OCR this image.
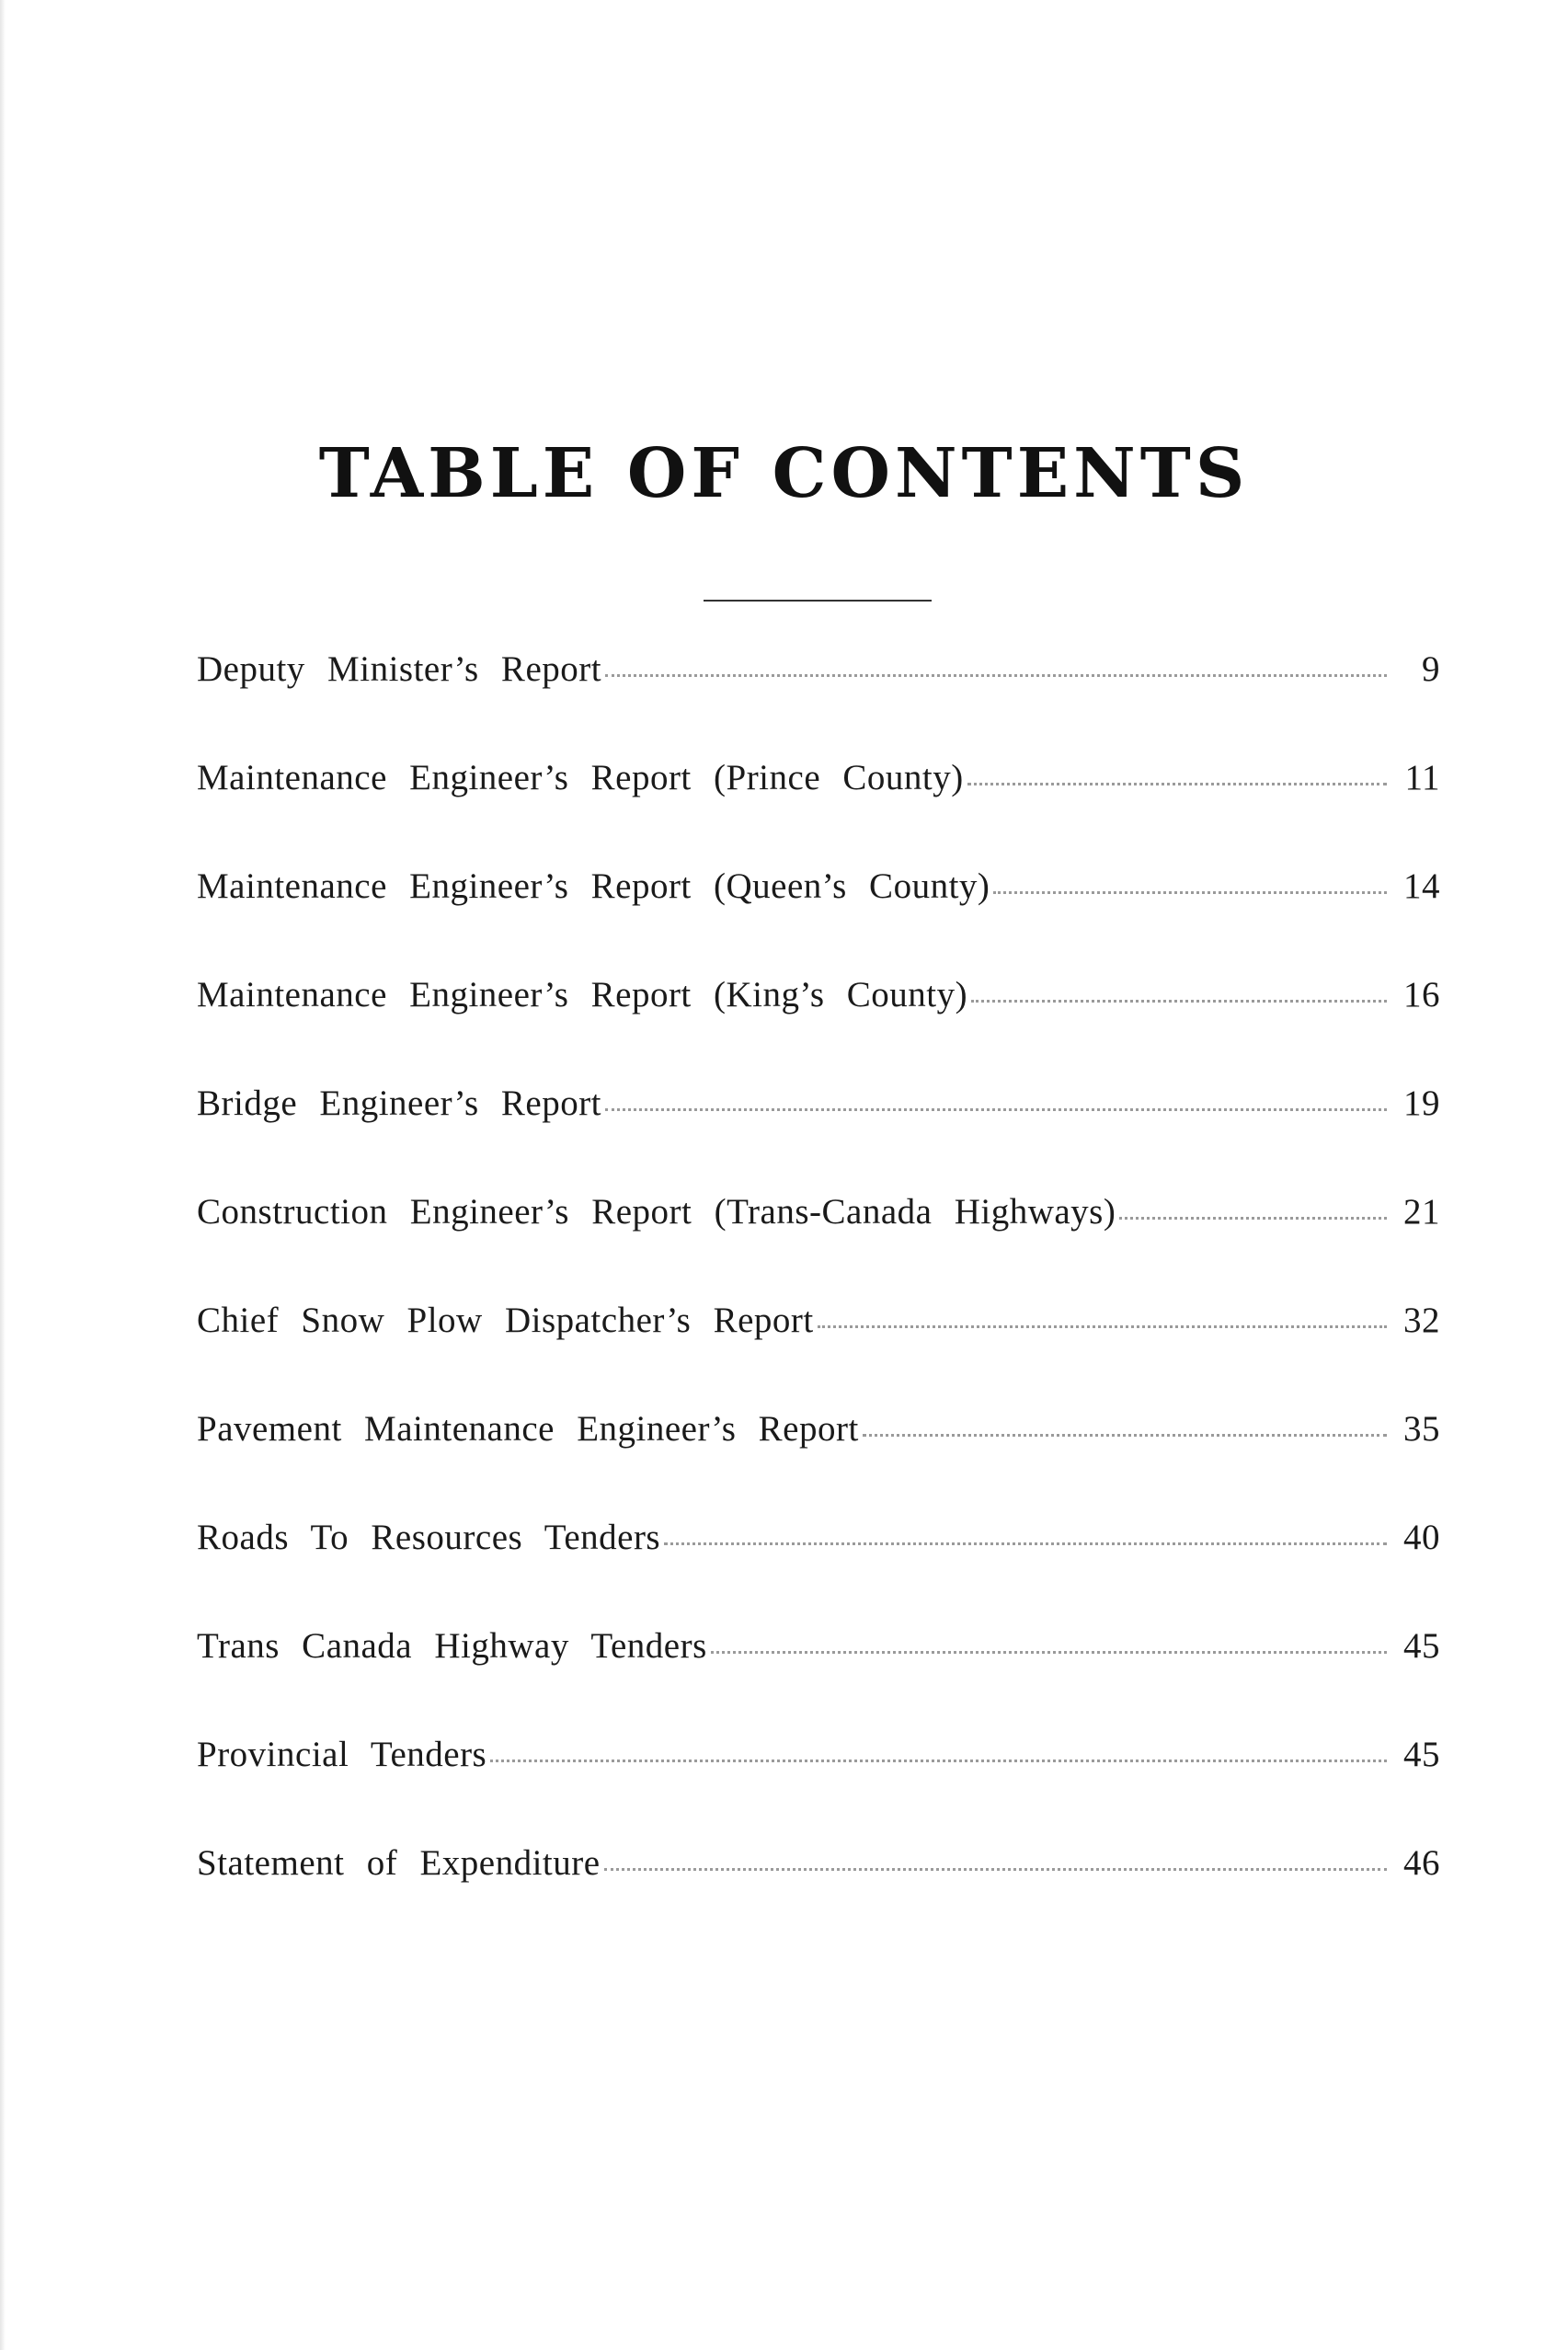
TABLE OF CONTENTS
Deputy Minister’s Report	9
Maintenance Engineer’s Report (Prince County)	11
Maintenance Engineer’s Report (Queen’s County)	14
Maintenance Engineer’s Report (King’s County)	16
Bridge Engineer’s Report	19
Construction Engineer’s Report (Trans-Canada Highways)	21
Chief Snow Plow Dispatcher’s Report	32
Pavement Maintenance Engineer’s Report	35
Roads To Resources Tenders	40
Trans Canada Highway Tenders	45
Provincial Tenders	45
Statement of Expenditure	46
